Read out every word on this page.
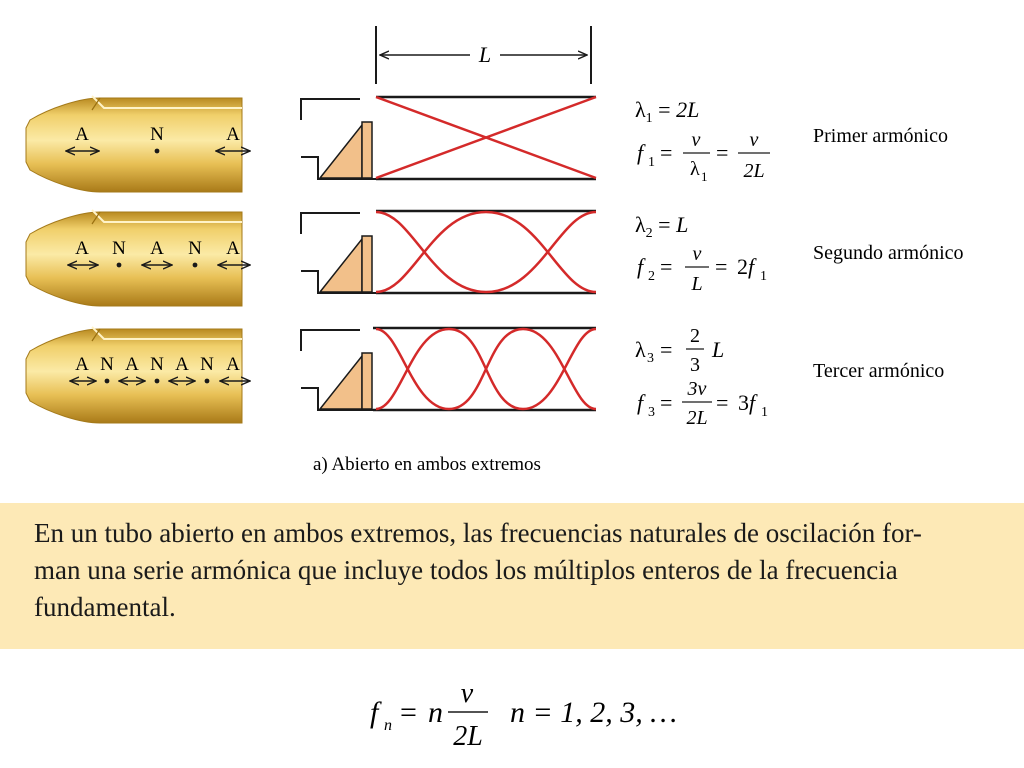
L
A	N	A
$\lambda_1 = 2L$
f 1 = v
λ 1
= v
2L
Primer armónico
A N A N A
$\lambda_2 = L$
f 2 = v
L
= 2f 1
Segundo armónico
A N A N A N A
λ 3 =
2
3
L
f 3 =
3v
2L
= 3f 1
Tercer armónico
a) Abierto en ambos extremos
En un tubo abierto en ambos extremos, las frecuencias naturales de oscilación for-
man una serie armónica que incluye todos los múltiplos enteros de la frecuencia
fundamental.
f n = n
v
2L
n = 1, 2, 3, …
